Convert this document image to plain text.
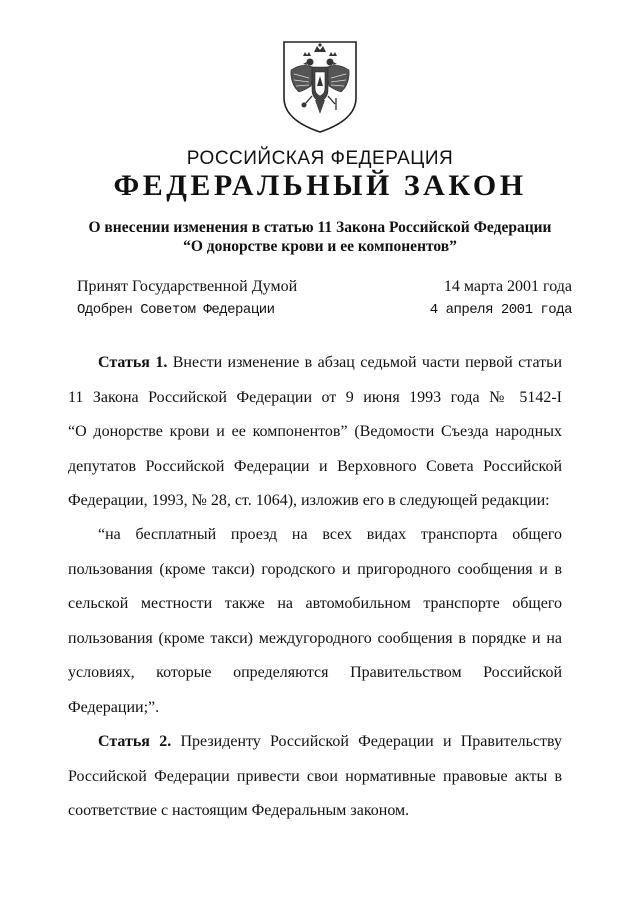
РОССИЙСКАЯ ФЕДЕРАЦИЯ
ФЕДЕРАЛЬНЫЙ ЗАКОН
О внесении изменения в статью 11 Закона Российской Федерации
“О донорстве крови и ее компонентов”
Принят Государственной Думой	14 марта 2001 года
Одобрен Советом Федерации	4 апреля 2001 года
Статья 1. Внести изменение в абзац седьмой части первой статьи
11 Закона Российской Федерации от 9 июня 1993 года № 5142-I
“О донорстве крови и ее компонентов” (Ведомости Съезда народных
депутатов Российской Федерации и Верховного Совета Российской
Федерации, 1993, № 28, ст. 1064), изложив его в следующей редакции:
“на бесплатный проезд на всех видах транспорта общего
пользования (кроме такси) городского и пригородного сообщения и в
сельской местности также на автомобильном транспорте общего
пользования (кроме такси) междугородного сообщения в порядке и на
условиях, которые определяются Правительством Российской
Федерации;”.
Статья 2. Президенту Российской Федерации и Правительству
Российской Федерации привести свои нормативные правовые акты в
соответствие с настоящим Федеральным законом.
